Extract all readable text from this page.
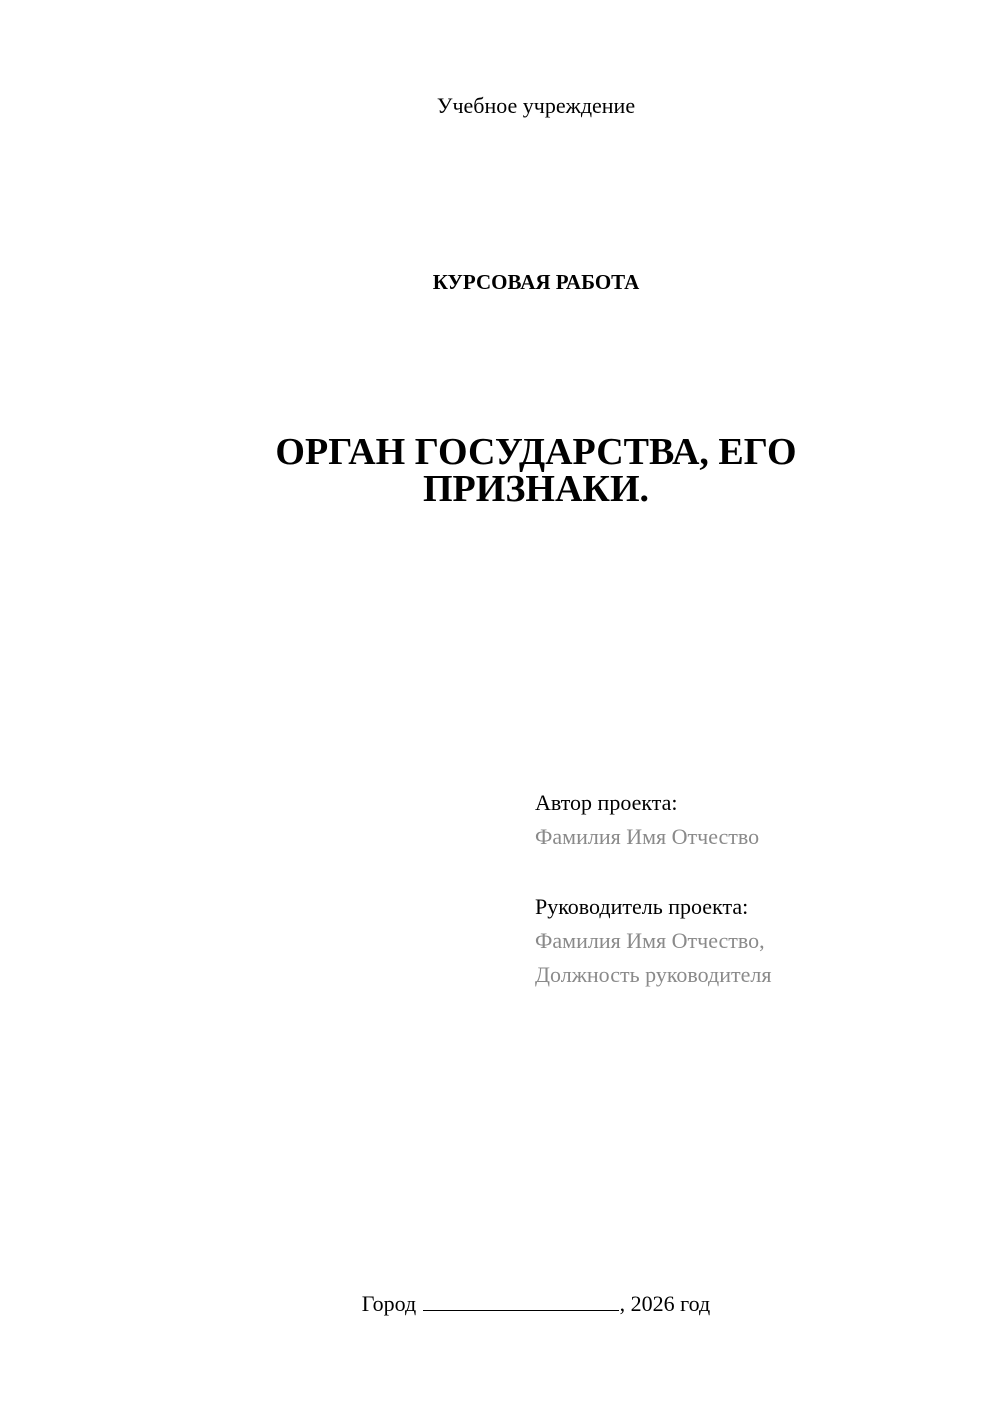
Учебное учреждение
КУРСОВАЯ РАБОТА
ОРГАН ГОСУДАРСТВА, ЕГО
ПРИЗНАКИ.
Автор проекта:
Фамилия Имя Отчество
Руководитель проекта:
Фамилия Имя Отчество,
Должность руководителя
Город	, 2026 год
